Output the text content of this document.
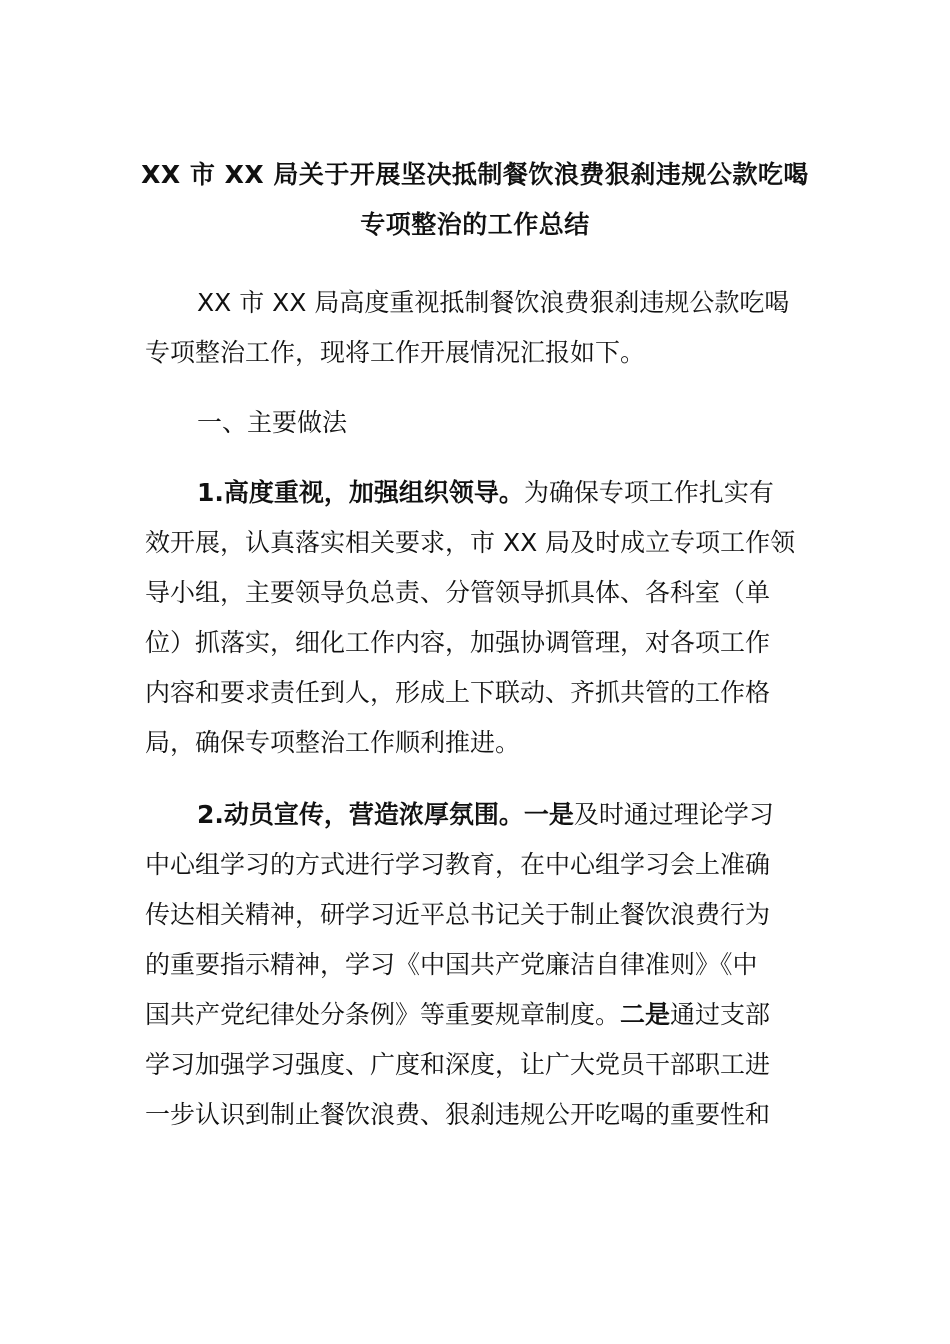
XX 市 XX 局关于开展坚决抵制餐饮浪费狠刹违规公款吃喝
专项整治的工作总结
XX 市 XX 局高度重视抵制餐饮浪费狠刹违规公款吃喝
专项整治工作，现将工作开展情况汇报如下。
一、主要做法
1.高度重视，加强组织领导。为确保专项工作扎实有
效开展，认真落实相关要求，市 XX 局及时成立专项工作领
导小组，主要领导负总责、分管领导抓具体、各科室（单
位）抓落实，细化工作内容，加强协调管理，对各项工作
内容和要求责任到人，形成上下联动、齐抓共管的工作格
局，确保专项整治工作顺利推进。
2.动员宣传，营造浓厚氛围。一是及时通过理论学习
中心组学习的方式进行学习教育，在中心组学习会上准确
传达相关精神，研学习近平总书记关于制止餐饮浪费行为
的重要指示精神，学习《中国共产党廉洁自律准则》《中
国共产党纪律处分条例》等重要规章制度。二是通过支部
学习加强学习强度、广度和深度，让广大党员干部职工进
一步认识到制止餐饮浪费、狠刹违规公开吃喝的重要性和
